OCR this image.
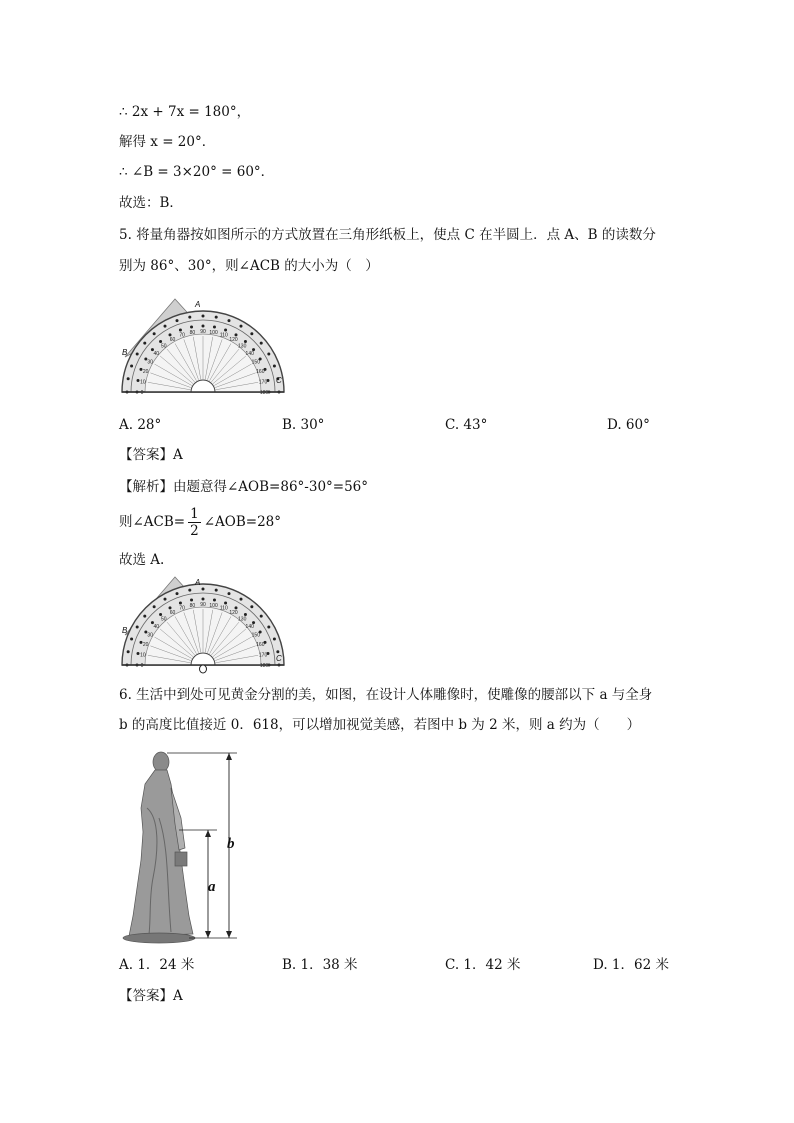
∴ 2x + 7x = 180°，
解得 x = 20°．
∴ ∠B = 3×20° = 60°．
故选：B．
5. 将量角器按如图所示的方式放置在三角形纸板上，使点 C 在半圆上．点 A、B 的读数分
别为 86°、30°，则∠ACB 的大小为（　）
0
10
20
30
40
50
60
70 80 90 100 110
120
130
140
150
160
170
180
A
B
C
A. 28°	B. 30°	C. 43°	D. 60°
【答案】A
【解析】由题意得∠AOB=86°-30°=56°
则∠ACB= $\frac{1}{2}$ ∠AOB=28°
故选 A.
0
10
20
30
40
50
60
70 80 90 100 110
120
130
140
150
160
170
180
A
B
C
6. 生活中到处可见黄金分割的美，如图，在设计人体雕像时，使雕像的腰部以下 a 与全身
b 的高度比值接近 0．618，可以增加视觉美感，若图中 b 为 2 米，则 a 约为（　　）
b
a
A. 1．24 米	B. 1．38 米	C. 1．42 米	D. 1．62 米
【答案】A
